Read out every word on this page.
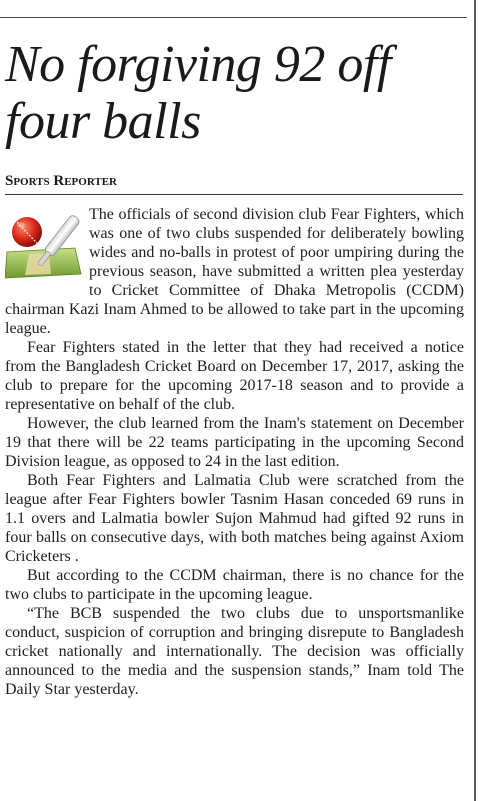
No forgiving 92 off four balls
Sports Reporter

The officials of second division club Fear Fighters, which was one of two clubs suspended for deliberately bowling wides and no-balls in protest of poor umpiring during the previous season, have submitted a written plea yesterday to Cricket Committee of Dhaka Metropolis (CCDM) chairman Kazi Inam Ahmed to be allowed to take part in the upcoming league.

Fear Fighters stated in the letter that they had received a notice from the Bangladesh Cricket Board on December 17, 2017, asking the club to prepare for the upcoming 2017-18 season and to provide a representative on behalf of the club.

However, the club learned from the Inam's statement on December 19 that there will be 22 teams participating in the upcoming Second Division league, as opposed to 24 in the last edition.

Both Fear Fighters and Lalmatia Club were scratched from the league after Fear Fighters bowler Tasnim Hasan conceded 69 runs in 1.1 overs and Lalmatia bowler Sujon Mahmud had gifted 92 runs in four balls on consecutive days, with both matches being against Axiom Cricketers .

But according to the CCDM chairman, there is no chance for the two clubs to participate in the upcoming league.

“The BCB suspended the two clubs due to unsportsmanlike conduct, suspicion of corruption and bringing disrepute to Bangladesh cricket nationally and internationally. The decision was officially announced to the media and the suspension stands,” Inam told The Daily Star yesterday.
